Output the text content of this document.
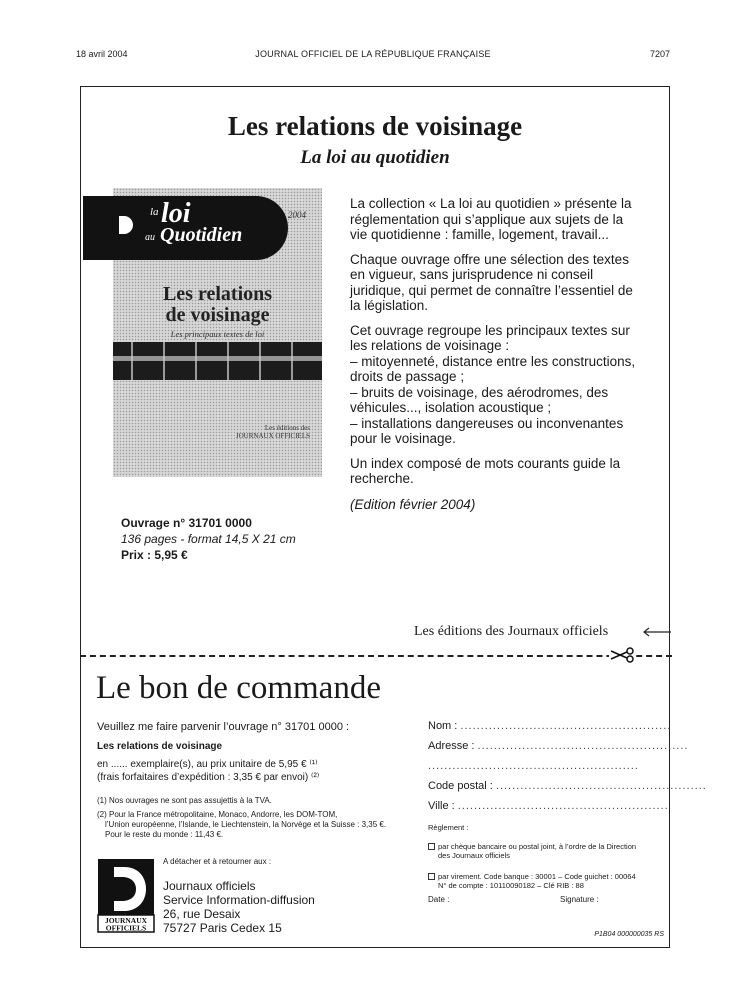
18 avril 2004	JOURNAL OFFICIEL DE LA RÉPUBLIQUE FRANÇAISE	7207
Les relations de voisinage
La loi au quotidien
la loi
au Quotidien
2004
Les relations
de voisinage
Les principaux textes de loi
Les éditions des
JOURNAUX OFFICIELS

La collection « La loi au quotidien » présente la réglementation qui s’applique aux sujets de la vie quotidienne : famille, logement, travail...

Chaque ouvrage offre une sélection des textes en vigueur, sans jurisprudence ni conseil juridique, qui permet de connaître l’essentiel de la législation.

Cet ouvrage regroupe les principaux textes sur les relations de voisinage :
– mitoyenneté, distance entre les constructions, droits de passage ;
– bruits de voisinage, des aérodromes, des véhicules..., isolation acoustique ;
– installations dangereuses ou inconvenantes pour le voisinage.

Un index composé de mots courants guide la recherche.

(Edition février 2004)

Ouvrage n° 31701 0000
136 pages - format 14,5 X 21 cm
Prix : 5,95 €
Les éditions des Journaux officiels
Le bon de commande
Veuillez me faire parvenir l’ouvrage n° 31701 0000 :
Les relations de voisinage
en ...... exemplaire(s), au prix unitaire de 5,95 € ⁽¹⁾
(frais forfaitaires d’expédition : 3,35 € par envoi) ⁽²⁾
(1) Nos ouvrages ne sont pas assujettis à la TVA.
(2) Pour la France métropolitaine, Monaco, Andorre, les DOM-TOM,
l’Union européenne, l’Islande, le Liechtenstein, la Norvège et la Suisse : 3,35 €.
Pour le reste du monde : 11,43 €.
A détacher et à retourner aux :
JOURNAUX
OFFICIELS
Journaux officiels
Service Information-diffusion
26, rue Desaix
75727 Paris Cedex 15
Nom : ....................................................
Adresse : ....................................................
....................................................
Code postal : ....................................................
Ville : ....................................................
Règlement :
par chèque bancaire ou postal joint, à l’ordre de la Direction
des Journaux officiels
par virement. Code banque : 30001 – Code guichet : 00064
N° de compte : 10110090182 – Clé RIB : 88
Date :	Signature :
P1B04 000000035 RS
